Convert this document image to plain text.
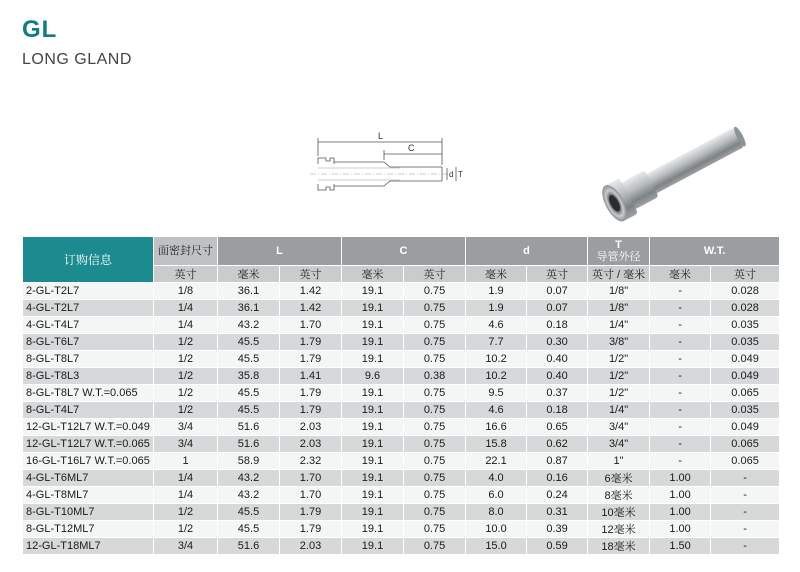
GL
LONG GLAND
L
C
d T
订购信息	面密封尺寸	L		C		d		T
导管外径	W.T.	
	英寸	毫米	英寸	毫米	英寸	毫米	英寸	英寸 / 毫米	毫米	英寸
2-GL-T2L7	1/8	36.1	1.42	19.1	0.75	1.9	0.07	1/8"	-	0.028
4-GL-T2L7	1/4	36.1	1.42	19.1	0.75	1.9	0.07	1/8"	-	0.028
4-GL-T4L7	1/4	43.2	1.70	19.1	0.75	4.6	0.18	1/4"	-	0.035
8-GL-T6L7	1/2	45.5	1.79	19.1	0.75	7.7	0.30	3/8"	-	0.035
8-GL-T8L7	1/2	45.5	1.79	19.1	0.75	10.2	0.40	1/2"	-	0.049
8-GL-T8L3	1/2	35.8	1.41	9.6	0.38	10.2	0.40	1/2"	-	0.049
8-GL-T8L7 W.T.=0.065	1/2	45.5	1.79	19.1	0.75	9.5	0.37	1/2"	-	0.065
8-GL-T4L7	1/2	45.5	1.79	19.1	0.75	4.6	0.18	1/4"	-	0.035
12-GL-T12L7 W.T.=0.049	3/4	51.6	2.03	19.1	0.75	16.6	0.65	3/4"	-	0.049
12-GL-T12L7 W.T.=0.065	3/4	51.6	2.03	19.1	0.75	15.8	0.62	3/4"	-	0.065
16-GL-T16L7 W.T.=0.065	1	58.9	2.32	19.1	0.75	22.1	0.87	1"	-	0.065
4-GL-T6ML7	1/4	43.2	1.70	19.1	0.75	4.0	0.16	6毫米	1.00	-
4-GL-T8ML7	1/4	43.2	1.70	19.1	0.75	6.0	0.24	8毫米	1.00	-
8-GL-T10ML7	1/2	45.5	1.79	19.1	0.75	8.0	0.31	10毫米	1.00	-
8-GL-T12ML7	1/2	45.5	1.79	19.1	0.75	10.0	0.39	12毫米	1.00	-
12-GL-T18ML7	3/4	51.6	2.03	19.1	0.75	15.0	0.59	18毫米	1.50	-
